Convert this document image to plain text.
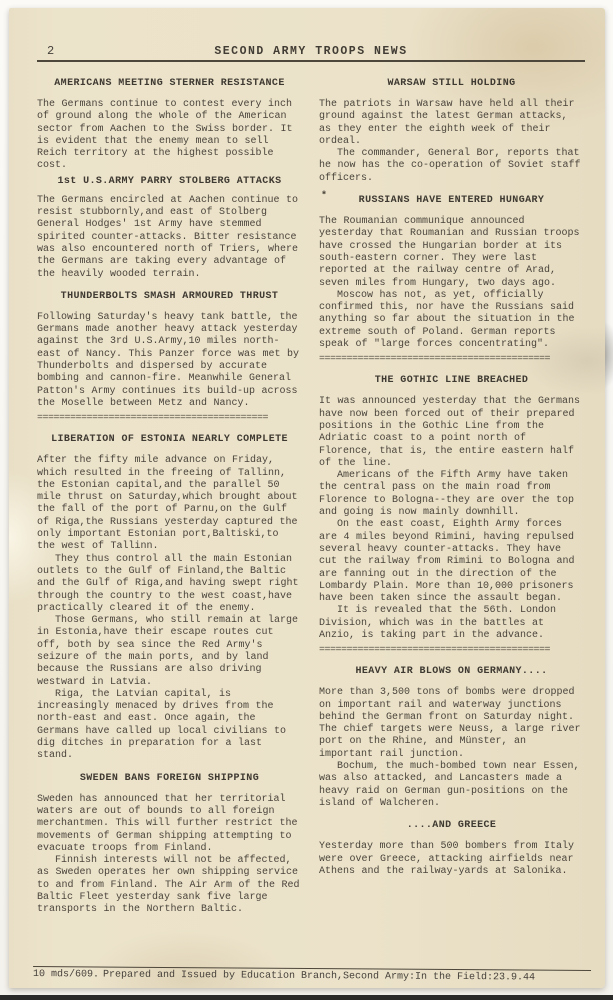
2	SECOND ARMY TROOPS NEWS
AMERICANS MEETING STERNER RESISTANCE

The Germans continue to contest every inch of ground along the whole of the American sector from Aachen to the Swiss border. It is evident that the enemy mean to sell Reich territory at the highest possible cost.

1st U.S.ARMY PARRY STOLBERG ATTACKS

The Germans encircled at Aachen continue to resist stubbornly,and east of Stolberg General Hodges' 1st Army have stemmed spirited counter-attacks. Bitter resistance was also encountered north of Triers, where the Germans are taking every advantage of the heavily wooded terrain.

THUNDERBOLTS SMASH ARMOURED THRUST

Following Saturday's heavy tank battle, the Germans made another heavy attack yesterday against the 3rd U.S.Army,10 miles north-east of Nancy. This Panzer force was met by Thunderbolts and dispersed by accurate bombing and cannon-fire. Meanwhile General Patton's Army continues its build-up across the Moselle between Metz and Nancy.

==========================================
LIBERATION OF ESTONIA NEARLY COMPLETE

After the fifty mile advance on Friday, which resulted in the freeing of Tallinn, the Estonian capital,and the parallel 50 mile thrust on Saturday,which brought about the fall of the port of Parnu,on the Gulf of Riga,the Russians yesterday captured the only important Estonian port,Baltiski,to the west of Tallinn.

They thus control all the main Estonian outlets to the Gulf of Finland,the Baltic and the Gulf of Riga,and having swept right through the country to the west coast,have practically cleared it of the enemy.

Those Germans, who still remain at large in Estonia,have their escape routes cut off, both by sea since the Red Army's seizure of the main ports, and by land because the Russians are also driving westward in Latvia.

Riga, the Latvian capital, is increasingly menaced by drives from the north-east and east. Once again, the Germans have called up local civilians to dig ditches in preparation for a last stand.

SWEDEN BANS FOREIGN SHIPPING

Sweden has announced that her territorial waters are out of bounds to all foreign merchantmen. This will further restrict the movements of German shipping attempting to evacuate troops from Finland.

Finnish interests will not be affected, as Sweden operates her own shipping service to and from Finland. The Air Arm of the Red Baltic Fleet yesterday sank five large transports in the Northern Baltic.

WARSAW STILL HOLDING

The patriots in Warsaw have held all their ground against the latest German attacks, as they enter the eighth week of their ordeal.

The commander, General Bor, reports that he now has the co-operation of Soviet staff officers.

RUSSIANS HAVE ENTERED HUNGARY
*

The Roumanian communique announced yesterday that Roumanian and Russian troops have crossed the Hungarian border at its south-eastern corner. They were last reported at the railway centre of Arad, seven miles from Hungary, two days ago.

Moscow has not, as yet, officially confirmed this, nor have the Russians said anything so far about the situation in the extreme south of Poland. German reports speak of "large forces concentrating".

==========================================
THE GOTHIC LINE BREACHED

It was announced yesterday that the Germans have now been forced out of their prepared positions in the Gothic Line from the Adriatic coast to a point north of Florence, that is, the entire eastern half of the line.

Americans of the Fifth Army have taken the central pass on the main road from Florence to Bologna--they are over the top and going is now mainly downhill.

On the east coast, Eighth Army forces are 4 miles beyond Rimini, having repulsed several heavy counter-attacks. They have cut the railway from Rimini to Bologna and are fanning out in the direction of the Lombardy Plain. More than 10,000 prisoners have been taken since the assault began.

It is revealed that the 56th. London Division, which was in the battles at Anzio, is taking part in the advance.

==========================================
HEAVY AIR BLOWS ON GERMANY....

More than 3,500 tons of bombs were dropped on important rail and waterway junctions behind the German front on Saturday night. The chief targets were Neuss, a large river port on the Rhine, and Münster, an important rail junction.

Bochum, the much-bombed town near Essen, was also attacked, and Lancasters made a heavy raid on German gun-positions on the island of Walcheren.

....AND GREECE

Yesterday more than 500 bombers from Italy were over Greece, attacking airfields near Athens and the railway-yards at Salonika.

10 mds/609. Prepared and Issued by Education Branch,Second Army:In the Field:23.9.44
